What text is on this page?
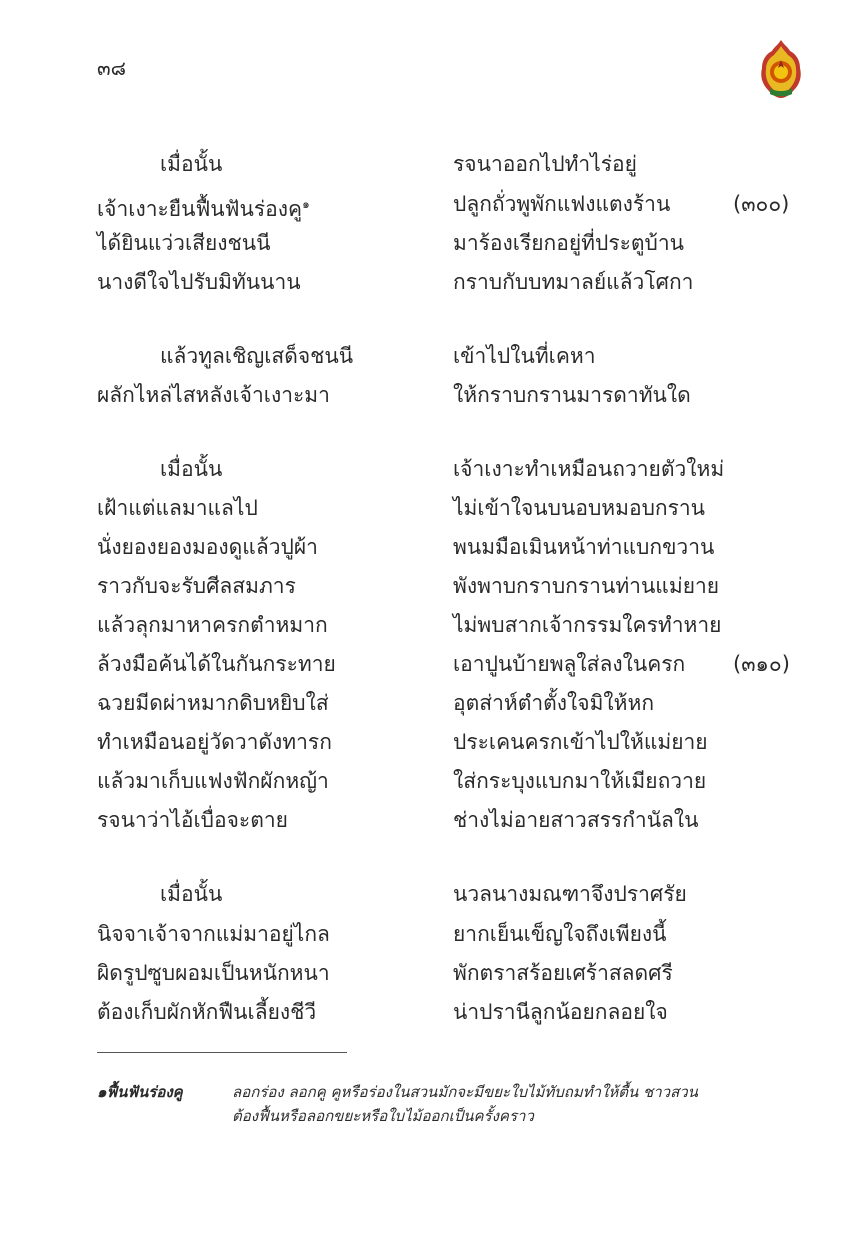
๓๘
เมื่อนั้น	รจนาออกไปทำไร่อยู่
เจ้าเงาะยืนฟื้นฟันร่องคู$^๑$	ปลูกถั่วพูพักแฟงแตงร้าน	(๓๐๐)
ได้ยินแว่วเสียงชนนี	มาร้องเรียกอยู่ที่ประตูบ้าน
นางดีใจไปรับมิทันนาน	กราบกับบทมาลย์แล้วโศกา
แล้วทูลเชิญเสด็จชนนี	เข้าไปในที่เคหา
ผลักไหล่ไสหลังเจ้าเงาะมา	ให้กราบกรานมารดาทันใด
เมื่อนั้น	เจ้าเงาะทำเหมือนถวายตัวใหม่
เฝ้าแต่แลมาแลไป	ไม่เข้าใจนบนอบหมอบกราน
นั่งยองยองมองดูแล้วปูผ้า	พนมมือเมินหน้าท่าแบกขวาน
ราวกับจะรับศีลสมภาร	พังพาบกราบกรานท่านแม่ยาย
แล้วลุกมาหาครกตำหมาก	ไม่พบสากเจ้ากรรมใครทำหาย
ล้วงมือค้นได้ในกันกระทาย	เอาปูนบ้ายพลูใส่ลงในครก (๓๑๐)
ฉวยมีดผ่าหมากดิบหยิบใส่	อุตส่าห์ตำตั้งใจมิให้หก
ทำเหมือนอยู่วัดวาดังทารก	ประเคนครกเข้าไปให้แม่ยาย
แล้วมาเก็บแฟงฟักผักหญ้า	ใส่กระบุงแบกมาให้เมียถวาย
รจนาว่าไอ้เบื่อจะตาย	ช่างไม่อายสาวสรรกำนัลใน
เมื่อนั้น	นวลนางมณฑาจึงปราศรัย
นิจจาเจ้าจากแม่มาอยู่ไกล	ยากเย็นเข็ญใจถึงเพียงนี้
ผิดรูปซูบผอมเป็นหนักหนา	พักตราสร้อยเศร้าสลดศรี
ต้องเก็บผักหักฟืนเลี้ยงชีวี	น่าปรานีลูกน้อยกลอยใจ
๑ฟื้นฟันร่องคู	ลอกร่อง ลอกคู คูหรือร่องในสวนมักจะมีขยะใบไม้ทับถมทำให้ตื้น ชาวสวน
ต้องฟื้นหรือลอกขยะหรือใบไม้ออกเป็นครั้งคราว
